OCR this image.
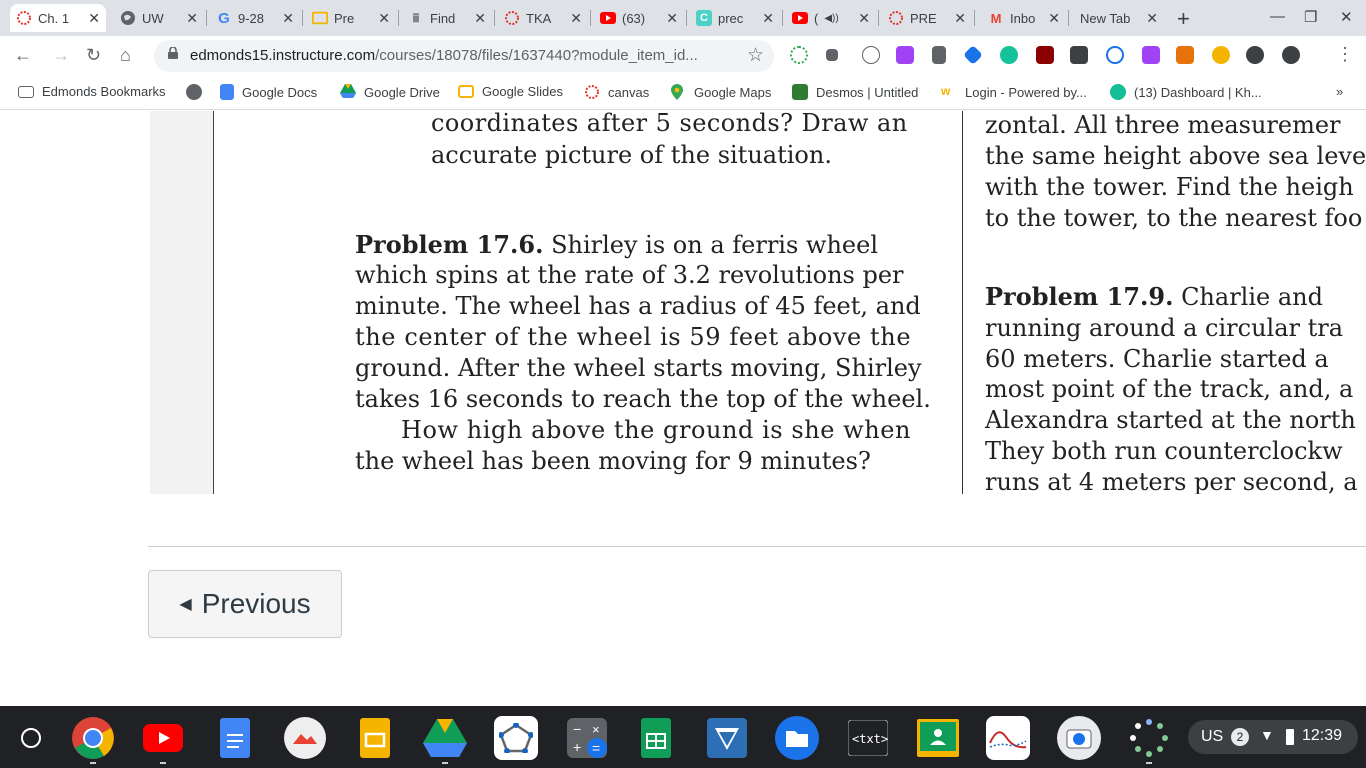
Ch. 1 ✕	UW ✕ G 9-28 ✕	Pre ✕	ⅲ Find ✕	TKA ✕	(63) ✕	C prec ✕	( ◀)) ✕	PRE ✕ M Inbo ✕ New Tab ✕ +	— ❐ ✕
← → ↻ ⌂	edmonds15.instructure.com/courses/18078/files/1637440?module_item_id...	☆	⋮
Edmonds Bookmarks	Google Docs	Google Drive	Google Slides	canvas	Google Maps	Desmos | Untitled w	Login - Powered by...	(13) Dashboard | Kh...	»
coordinates after 5 seconds? Draw an
accurate picture of the situation.
Problem 17.6. Shirley is on a ferris wheel
which spins at the rate of 3.2 revolutions per
minute. The wheel has a radius of 45 feet, and
the center of the wheel is 59 feet above the
ground. After the wheel starts moving, Shirley
takes 16 seconds to reach the top of the wheel.
How high above the ground is she when
the wheel has been moving for 9 minutes?
zontal. All three measuremer
the same height above sea leve
with the tower. Find the heigh
to the tower, to the nearest foo
Problem 17.9. Charlie and
running around a circular tra
60 meters. Charlie started a
most point of the track, and, a
Alexandra started at the north
They both run counterclockw
runs at 4 meters per second, a
◀ Previous
− ×
+ =
<txt>	US	2	▼ 12:39
